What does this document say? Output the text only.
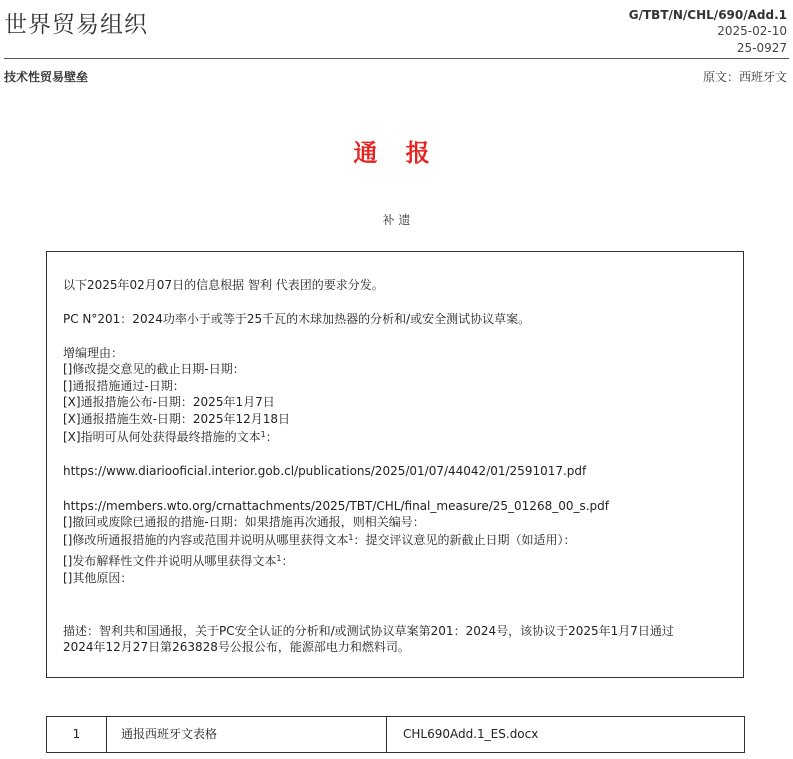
世界贸易组织	G/TBT/N/CHL/690/Add.1
2025-02-10
25-0927
技术性贸易壁垒	原文：西班牙文
通 报
补 遗
以下2025年02月07日的信息根据 智利 代表团的要求分发。
PC N°201：2024功率小于或等于25千瓦的木球加热器的分析和/或安全测试协议草案。
增编理由：
[]修改提交意见的截止日期-日期：
[]通报措施通过-日期：
[X]通报措施公布-日期：2025年1月7日
[X]通报措施生效-日期：2025年12月18日
[X]指明可从何处获得最终措施的文本$^1$：
https://www.diariooficial.interior.gob.cl/publications/2025/01/07/44042/01/2591017.pdf
https://members.wto.org/crnattachments/2025/TBT/CHL/final_measure/25_01268_00_s.pdf
[]撤回或废除已通报的措施-日期：如果措施再次通报，则相关编号：
[]修改所通报措施的内容或范围并说明从哪里获得文本$^1$：提交评议意见的新截止日期（如适用）：
[]发布解释性文件并说明从哪里获得文本$^1$：
[]其他原因：
描述：智利共和国通报，关于PC安全认证的分析和/或测试协议草案第201：2024号，该协议于2025年1月7日通过
2024年12月27日第263828号公报公布，能源部电力和燃料司。
1	通报西班牙文表格	CHL690Add.1_ES.docx
